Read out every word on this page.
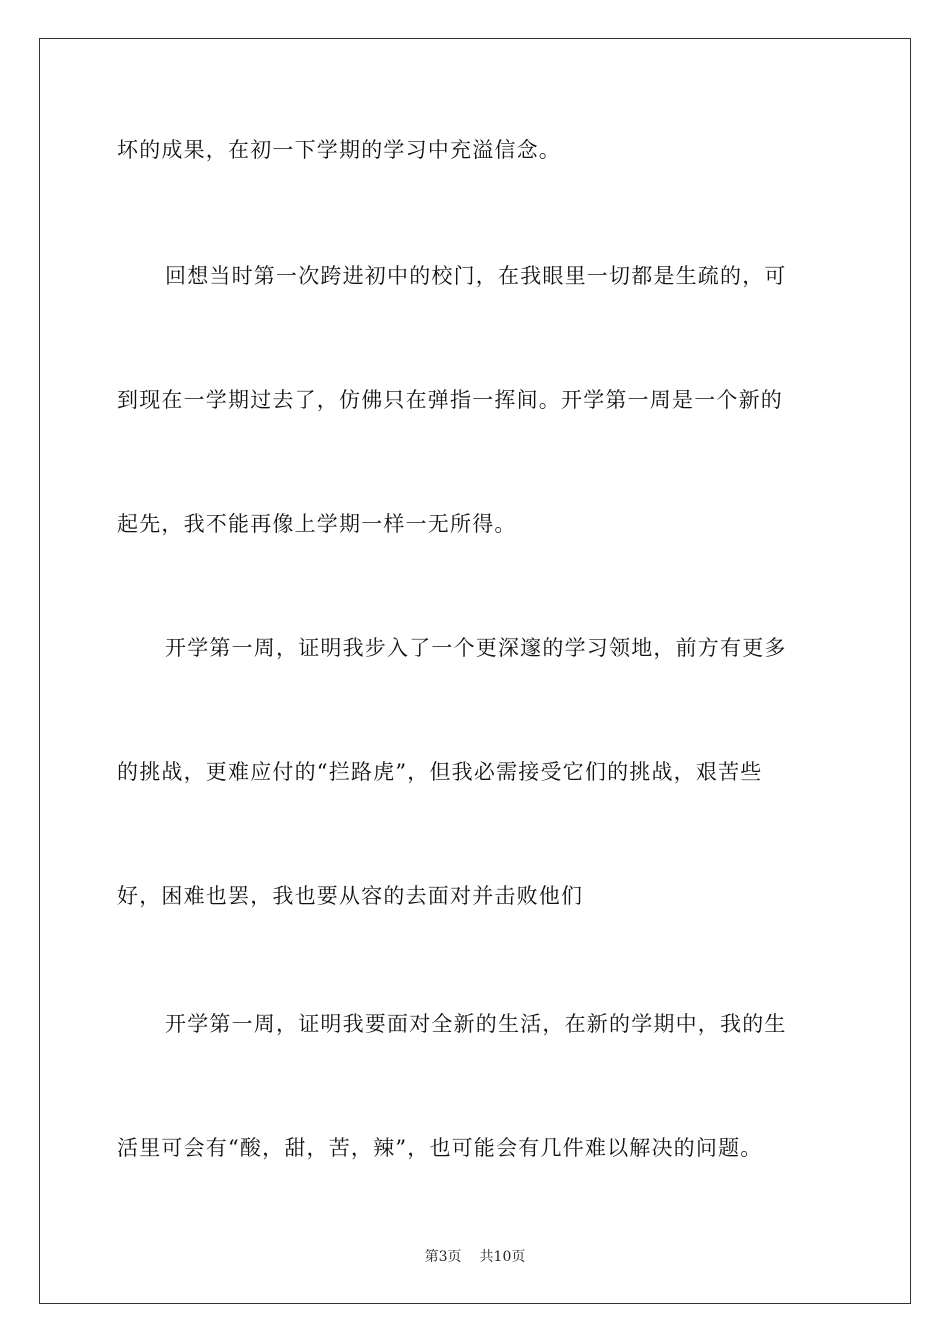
坏的成果，在初一下学期的学习中充溢信念。
回想当时第一次跨进初中的校门，在我眼里一切都是生疏的，可
到现在一学期过去了，仿佛只在弹指一挥间。开学第一周是一个新的
起先，我不能再像上学期一样一无所得。
开学第一周，证明我步入了一个更深邃的学习领地，前方有更多
的挑战，更难应付的“拦路虎”，但我必需接受它们的挑战，艰苦些
好，困难也罢，我也要从容的去面对并击败他们
开学第一周，证明我要面对全新的生活，在新的学期中，我的生
活里可会有“酸，甜，苦，辣”，也可能会有几件难以解决的问题。
第3页 共10页
